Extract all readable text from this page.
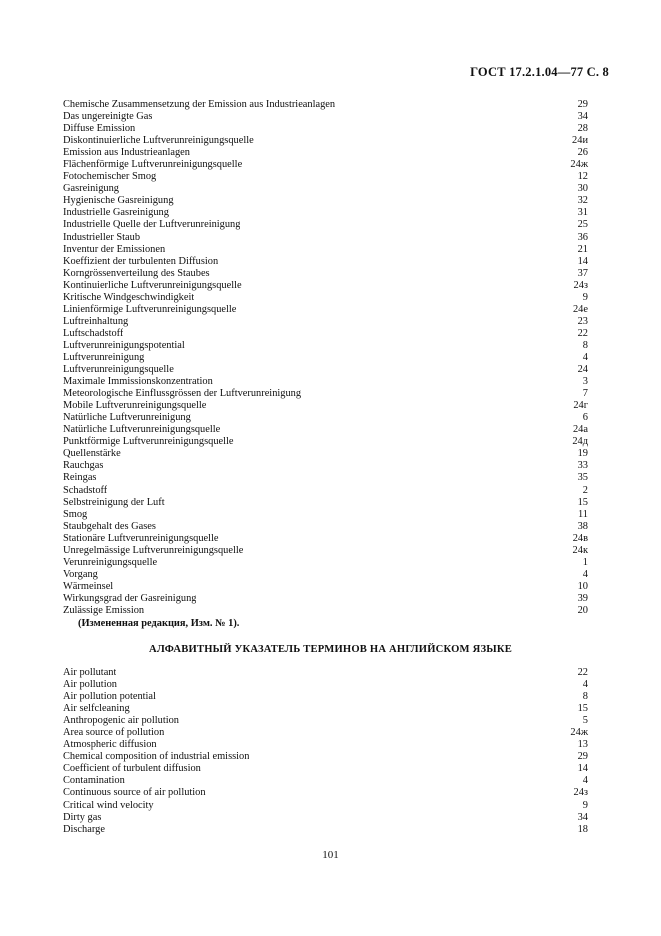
ГОСТ 17.2.1.04—77 С. 8
Chemische Zusammensetzung der Emission aus Industrieanlagen	29
Das ungereinigte Gas	34
Diffuse Emission	28
Diskontinuierliche Luftverunreinigungsquelle	24и
Emission aus Industrieanlagen	26
Flächenförmige Luftverunreinigungsquelle	24ж
Fotochemischer Smog	12
Gasreinigung	30
Hygienische Gasreinigung	32
Industrielle Gasreinigung	31
Industrielle Quelle der Luftverunreinigung	25
Industrieller Staub	36
Inventur der Emissionen	21
Koeffizient der turbulenten Diffusion	14
Korngrössenverteilung des Staubes	37
Kontinuierliche Luftverunreinigungsquelle	24з
Kritische Windgeschwindigkeit	9
Linienförmige Luftverunreinigungsquelle	24е
Luftreinhaltung	23
Luftschadstoff	22
Luftverunreinigungspotential	8
Luftverunreinigung	4
Luftverunreinigungsquelle	24
Maximale Immissionskonzentration	3
Meteorologische Einflussgrössen der Luftverunreinigung	7
Mobile Luftverunreinigungsquelle	24г
Natürliche Luftverunreinigung	6
Natürliche Luftverunreinigungsquelle	24а
Punktförmige Luftverunreinigungsquelle	24д
Quellenstärke	19
Rauchgas	33
Reingas	35
Schadstoff	2
Selbstreinigung der Luft	15
Smog	11
Staubgehalt des Gases	38
Stationäre Luftverunreinigungsquelle	24в
Unregelmässige Luftverunreinigungsquelle	24к
Verunreinigungsquelle	1
Vorgang	4
Wärmeinsel	10
Wirkungsgrad der Gasreinigung	39
Zulässige Emission	20
(Измененная редакция, Изм. № 1).
АЛФАВИТНЫЙ УКАЗАТЕЛЬ ТЕРМИНОВ НА АНГЛИЙСКОМ ЯЗЫКЕ
Air pollutant	22
Air pollution	4
Air pollution potential	8
Air selfcleaning	15
Anthropogenic air pollution	5
Area source of pollution	24ж
Atmospheric diffusion	13
Chemical composition of industrial emission	29
Coefficient of turbulent diffusion	14
Contamination	4
Continuous source of air pollution	24з
Critical wind velocity	9
Dirty gas	34
Discharge	18
101
